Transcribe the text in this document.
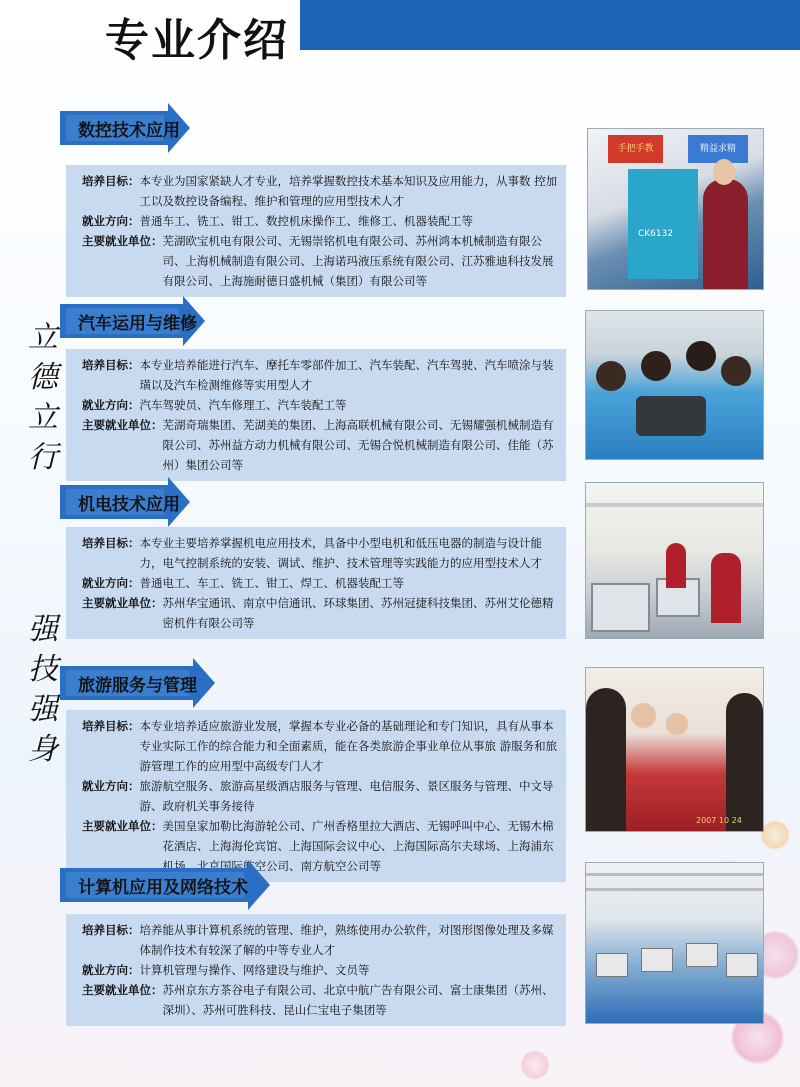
专业介绍
立
德
立
行
强
技
强
身
数控技术应用
培养目标： 本专业为国家紧缺人才专业，培养掌握数控技术基本知识及应用能力，从事数 控加工以及数控设备编程、维护和管理的应用型技术人才
就业方向： 普通车工、铣工、钳工、数控机床操作工、维修工、机器装配工等
主要就业单位： 芜湖欧宝机电有限公司、无锡崇铭机电有限公司、苏州鸿本机械制造有限公司、上海机械制造有限公司、上海诺玛液压系统有限公司、江苏雅迪科技发展有限公司、上海施耐德日盛机械（集团）有限公司等
手把手教	精益求精
CK6132
汽车运用与维修
培养目标： 本专业培养能进行汽车、摩托车零部件加工、汽车装配、汽车驾驶、汽车喷涂与装璜以及汽车检测维修等实用型人才
就业方向： 汽车驾驶员、汽车修理工、汽车装配工等
主要就业单位： 芜湖奇瑞集团、芜湖美的集团、上海高联机械有限公司、无锡耀强机械制造有限公司、苏州益方动力机械有限公司、无锡合悦机械制造有限公司、佳能（苏州）集团公司等
机电技术应用
培养目标： 本专业主要培养掌握机电应用技术，具备中小型电机和低压电器的制造与设计能力，电气控制系统的安装、调试、维护、技术管理等实践能力的应用型技术人才
就业方向： 普通电工、车工、铣工、钳工、焊工、机器装配工等
主要就业单位： 苏州华宝通讯、南京中信通讯、环球集团、苏州冠捷科技集团、苏州艾伦德精密机件有限公司等
旅游服务与管理
培养目标： 本专业培养适应旅游业发展，掌握本专业必备的基础理论和专门知识，具有从事本专业实际工作的综合能力和全面素质，能在各类旅游企事业单位从事旅 游服务和旅游管理工作的应用型中高级专门人才
就业方向： 旅游航空服务、旅游高星级酒店服务与管理、电信服务、景区服务与管理、中文导游、政府机关事务接待
主要就业单位： 美国皇家加勒比海游轮公司、广州香格里拉大酒店、无锡呼叫中心、无锡木棉花酒店、上海海伦宾馆、上海国际会议中心、上海国际高尔夫球场、上海浦东机场、北京国际航空公司、南方航空公司等
2007 10 24
计算机应用及网络技术
培养目标： 培养能从事计算机系统的管理、维护，熟练使用办公软件，对图形图像处理及多媒体制作技术有较深了解的中等专业人才
就业方向： 计算机管理与操作、网络建设与维护、文员等
主要就业单位： 苏州京东方茶谷电子有限公司、北京中航广告有限公司、富士康集团（苏州、深圳）、苏州可胜科技、昆山仁宝电子集团等
